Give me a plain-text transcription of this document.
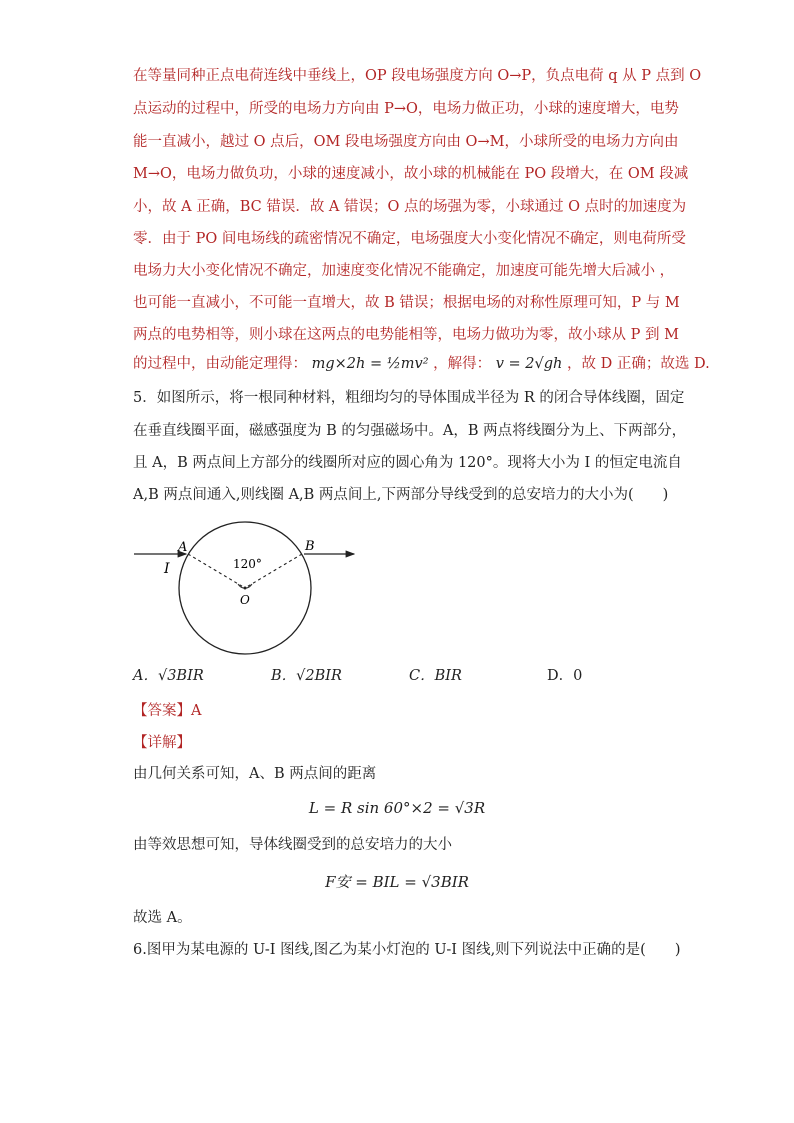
在等量同种正点电荷连线中垂线上，OP 段电场强度方向 O→P，负点电荷 q 从 P 点到 O
点运动的过程中，所受的电场力方向由 P→O，电场力做正功，小球的速度增大，电势
能一直减小，越过 O 点后，OM 段电场强度方向由 O→M，小球所受的电场力方向由
M→O，电场力做负功，小球的速度减小，故小球的机械能在 PO 段增大，在 OM 段减
小，故 A 正确，BC 错误．故 A 错误；O 点的场强为零，小球通过 O 点时的加速度为
零．由于 PO 间电场线的疏密情况不确定，电场强度大小变化情况不确定，则电荷所受
电场力大小变化情况不确定，加速度变化情况不能确定，加速度可能先增大后减小 ，
也可能一直减小，不可能一直增大，故 B 错误；根据电场的对称性原理可知，P 与 M
两点的电势相等，则小球在这两点的电势能相等，电场力做功为零，故小球从 P 到 M
的过程中，由动能定理得： mg×2h = ½mv² ，解得： v = 2√gh ，故 D 正确；故选 D.
5．如图所示，将一根同种材料，粗细均匀的导体围成半径为 R 的闭合导体线圈，固定
在垂直线圈平面，磁感强度为 B 的匀强磁场中。A，B 两点将线圈分为上、下两部分，
且 A，B 两点间上方部分的线圈所对应的圆心角为 120°。现将大小为 I 的恒定电流自
A,B 两点间通入,则线圈 A,B 两点间上,下两部分导线受到的总安培力的大小为(　　)
A	B
I
O
120°
A．√3BIR	B．√2BIR	C．BIR	D．0
【答案】A
【详解】
由几何关系可知，A、B 两点间的距离
L = R sin 60°×2 = √3R
由等效思想可知，导体线圈受到的总安培力的大小
F安 = BIL = √3BIR
故选 A。
6.图甲为某电源的 U-I 图线,图乙为某小灯泡的 U-I 图线,则下列说法中正确的是(　　)
